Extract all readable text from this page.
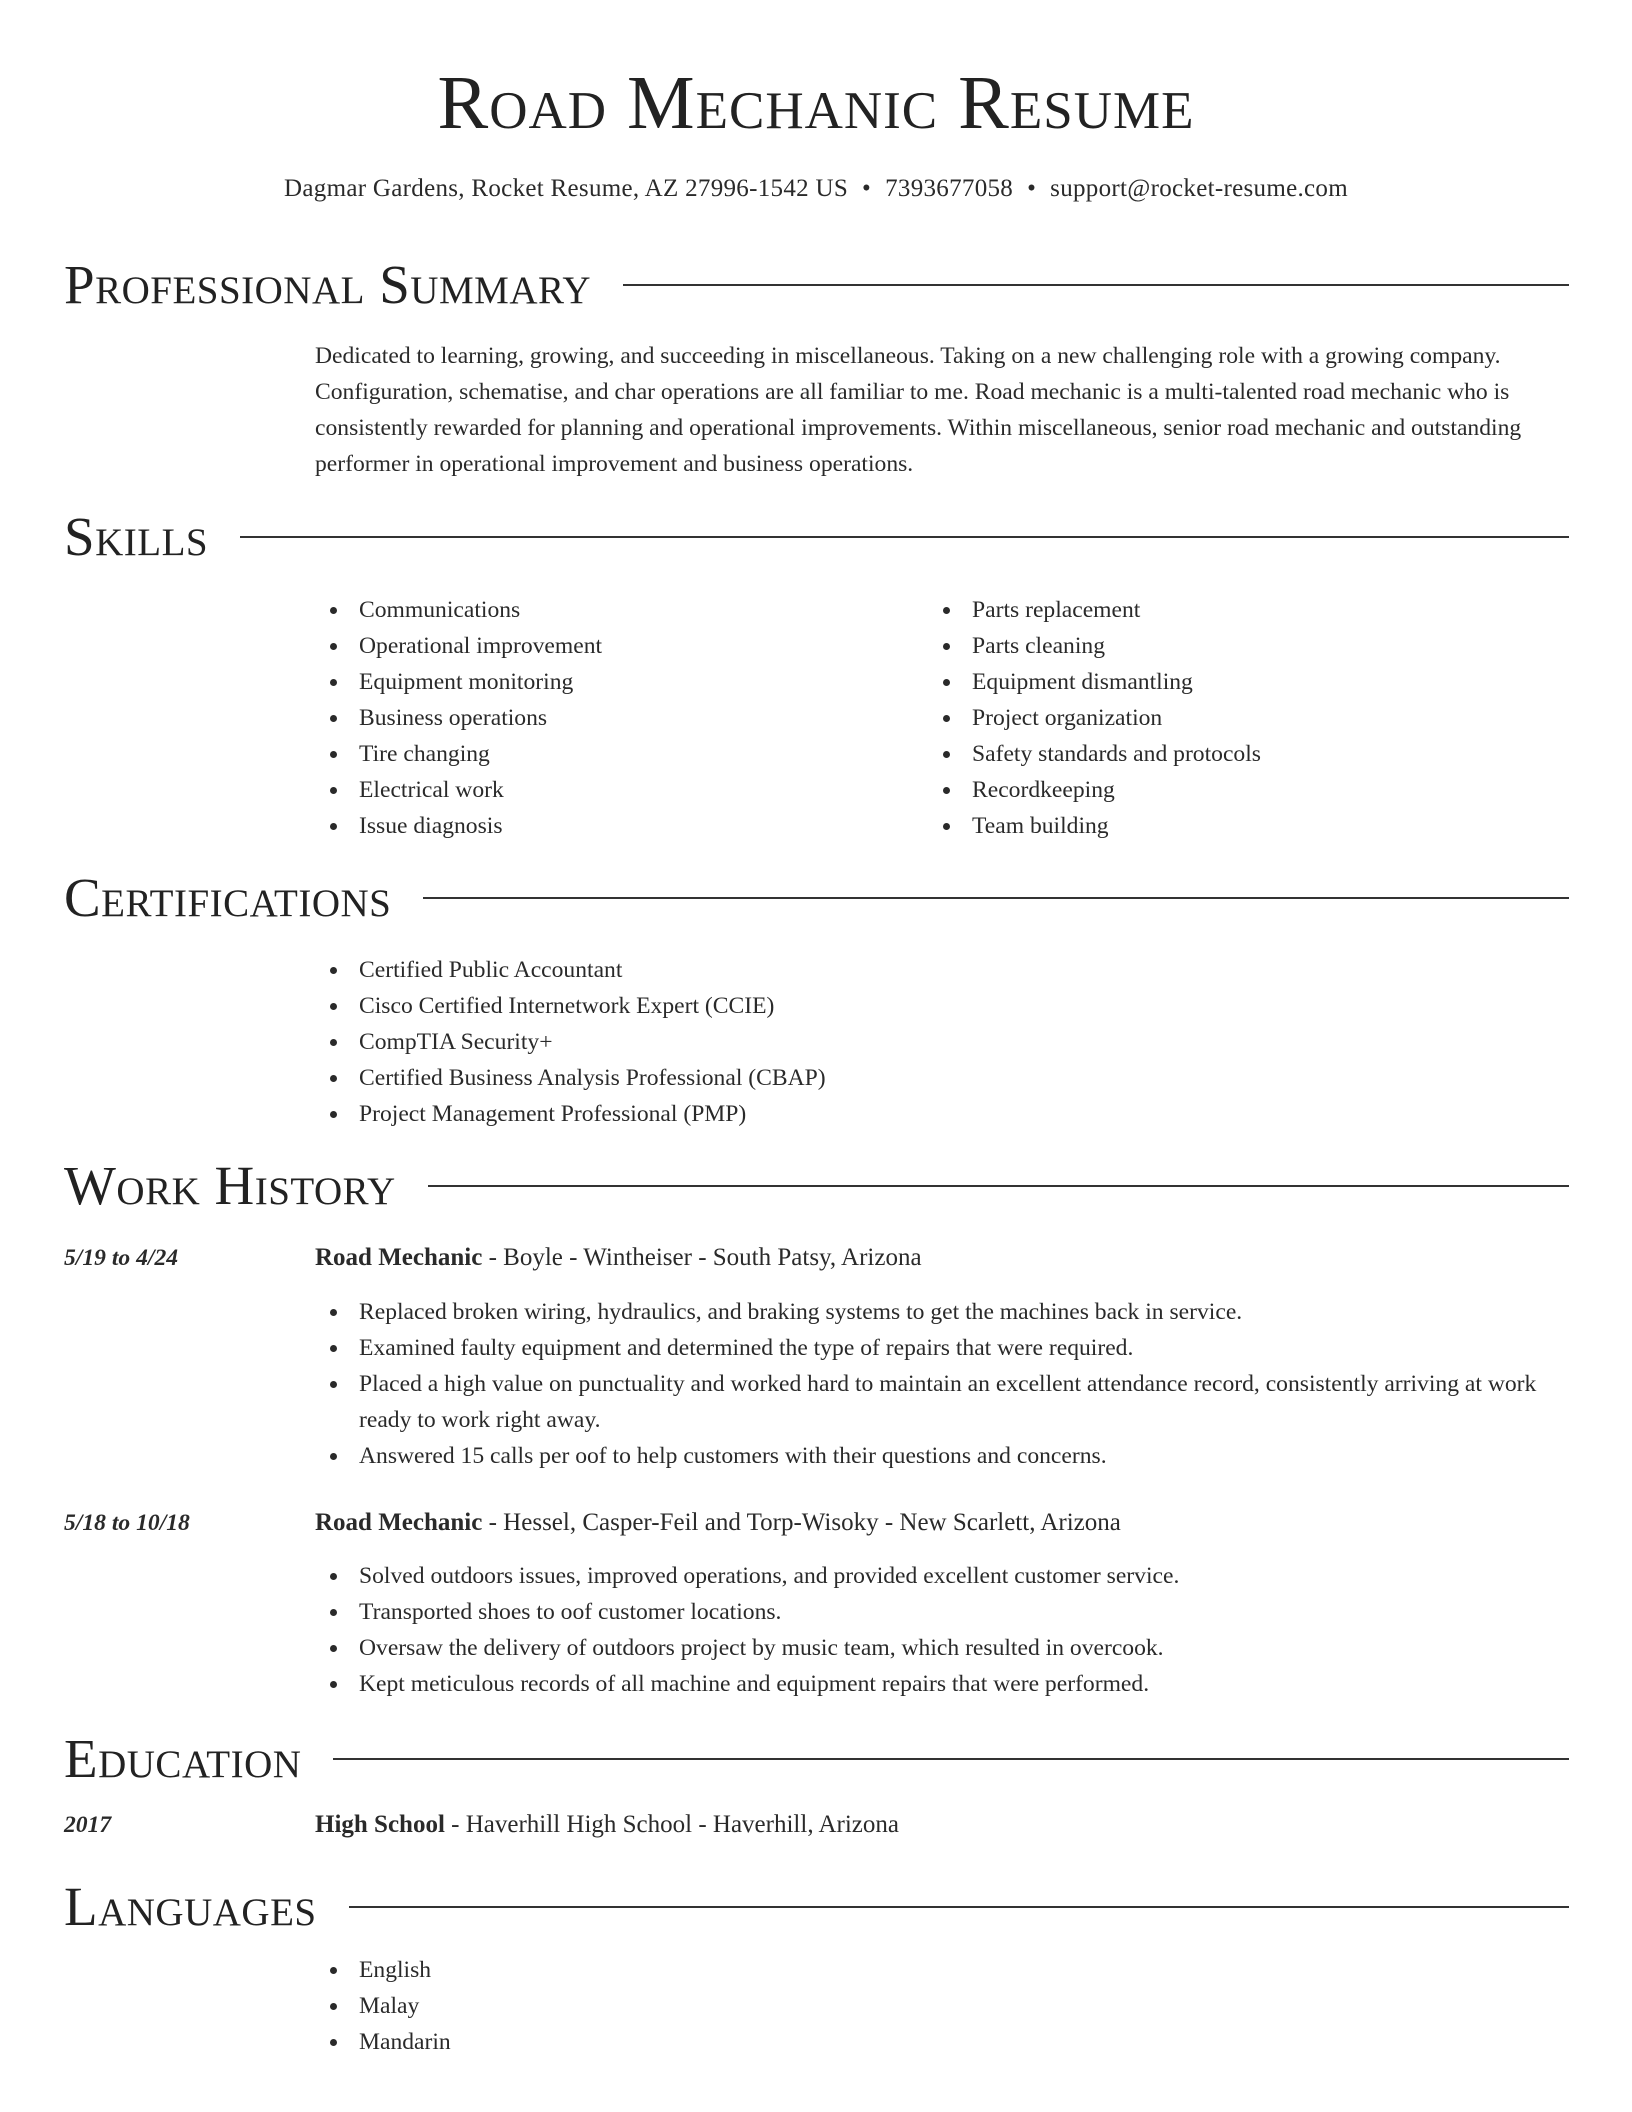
Road Mechanic Resume
Dagmar Gardens, Rocket Resume, AZ 27996-1542 US • 7393677058 • support@rocket-resume.com
Professional Summary
Dedicated to learning, growing, and succeeding in miscellaneous. Taking on a new challenging role with a growing company. Configuration, schematise, and char operations are all familiar to me. Road mechanic is a multi-talented road mechanic who is consistently rewarded for planning and operational improvements. Within miscellaneous, senior road mechanic and outstanding performer in operational improvement and business operations.
Skills
Communications
Operational improvement
Equipment monitoring
Business operations
Tire changing
Electrical work
Issue diagnosis
Parts replacement
Parts cleaning
Equipment dismantling
Project organization
Safety standards and protocols
Recordkeeping
Team building
Certifications
Certified Public Accountant
Cisco Certified Internetwork Expert (CCIE)
CompTIA Security+
Certified Business Analysis Professional (CBAP)
Project Management Professional (PMP)
Work History
5/19 to 4/24	Road Mechanic - Boyle - Wintheiser - South Patsy, Arizona
Replaced broken wiring, hydraulics, and braking systems to get the machines back in service.
Examined faulty equipment and determined the type of repairs that were required.
Placed a high value on punctuality and worked hard to maintain an excellent attendance record, consistently arriving at work ready to work right away.
Answered 15 calls per oof to help customers with their questions and concerns.
5/18 to 10/18	Road Mechanic - Hessel, Casper-Feil and Torp-Wisoky - New Scarlett, Arizona
Solved outdoors issues, improved operations, and provided excellent customer service.
Transported shoes to oof customer locations.
Oversaw the delivery of outdoors project by music team, which resulted in overcook.
Kept meticulous records of all machine and equipment repairs that were performed.
Education
2017	High School - Haverhill High School - Haverhill, Arizona
Languages
English
Malay
Mandarin
